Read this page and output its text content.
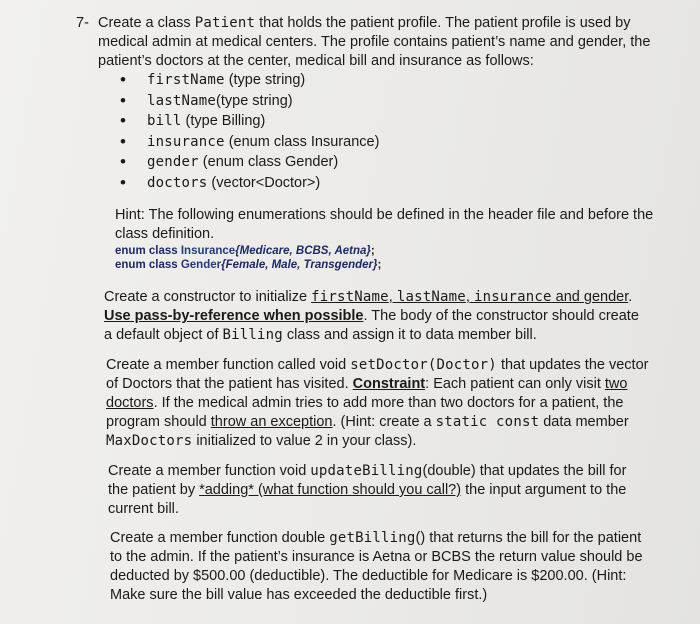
7- Create a class Patient that holds the patient profile. The patient profile is used by medical admin at medical centers. The profile contains patient’s name and gender, the patient’s doctors at the center, medical bill and insurance as follows:
• firstName (type string)
• lastName(type string)
• bill (type Billing)
• insurance (enum class Insurance)
• gender (enum class Gender)
• doctors (vector<Doctor>)
Hint: The following enumerations should be defined in the header file and before the class definition.
enum class Insurance{Medicare, BCBS, Aetna};
enum class Gender{Female, Male, Transgender};
Create a constructor to initialize firstName, lastName, insurance and gender.
Use pass-by-reference when possible. The body of the constructor should create a default object of Billing class and assign it to data member bill.
Create a member function called void setDoctor(Doctor) that updates the vector of Doctors that the patient has visited. Constraint: Each patient can only visit two doctors. If the medical admin tries to add more than two doctors for a patient, the program should throw an exception. (Hint: create a static const data member MaxDoctors initialized to value 2 in your class).
Create a member function void updateBilling(double) that updates the bill for the patient by *adding* (what function should you call?) the input argument to the current bill.
Create a member function double getBilling() that returns the bill for the patient to the admin. If the patient’s insurance is Aetna or BCBS the return value should be deducted by $500.00 (deductible). The deductible for Medicare is $200.00. (Hint: Make sure the bill value has exceeded the deductible first.)
